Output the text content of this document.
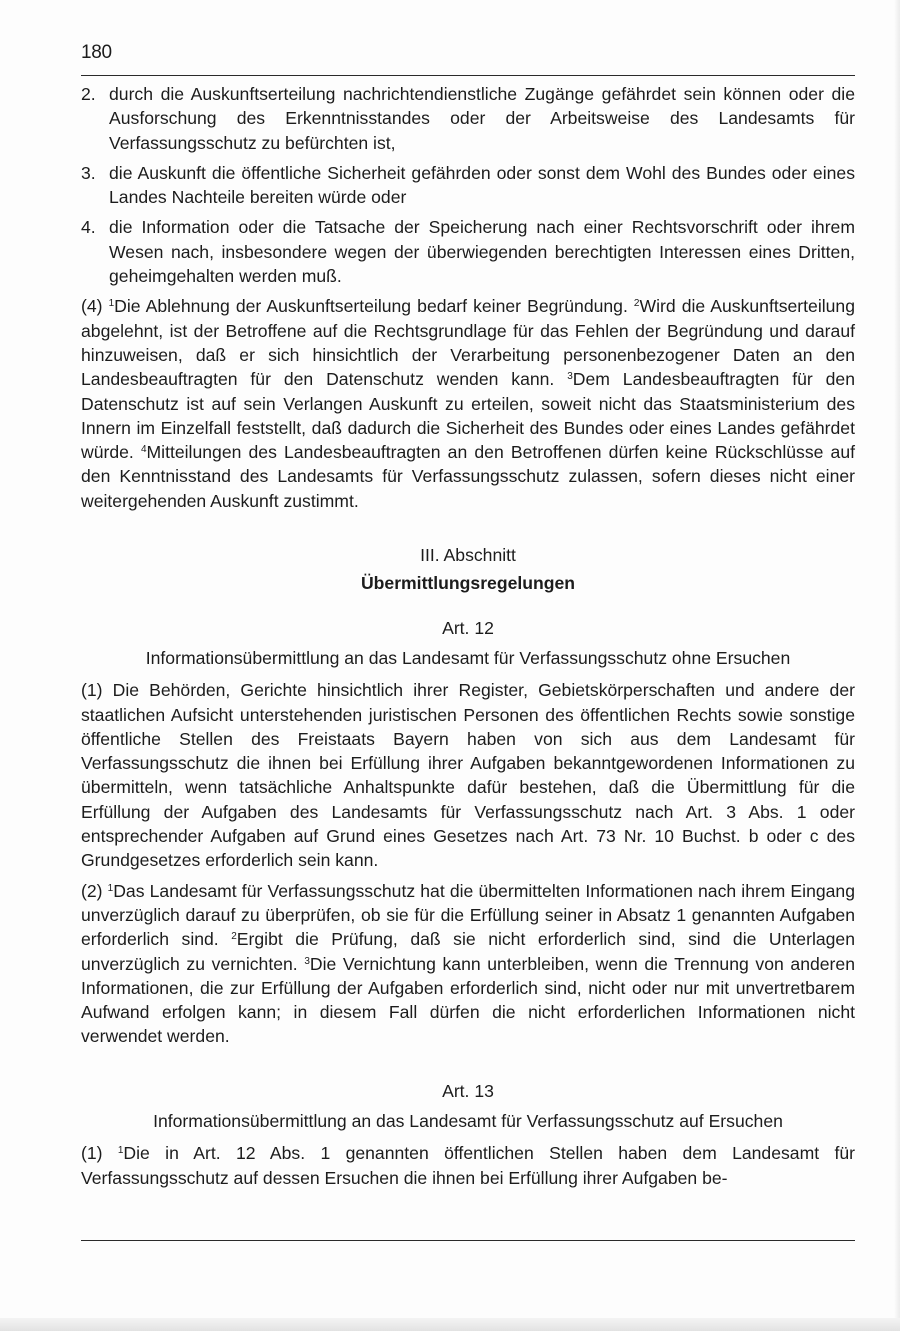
180
2. durch die Auskunftserteilung nachrichtendienstliche Zugänge gefährdet sein können oder die Ausforschung des Erkenntnisstandes oder der Arbeitsweise des Landesamts für Verfassungsschutz zu befürchten ist,
3. die Auskunft die öffentliche Sicherheit gefährden oder sonst dem Wohl des Bundes oder eines Landes Nachteile bereiten würde oder
4. die Information oder die Tatsache der Speicherung nach einer Rechtsvorschrift oder ihrem Wesen nach, insbesondere wegen der überwiegenden berechtigten Interessen eines Dritten, geheimgehalten werden muß.

(4) $^1$Die Ablehnung der Auskunftserteilung bedarf keiner Begründung. $^2$Wird die Auskunftserteilung abgelehnt, ist der Betroffene auf die Rechtsgrundlage für das Fehlen der Begründung und darauf hinzuweisen, daß er sich hinsichtlich der Verarbeitung personenbezogener Daten an den Landesbeauftragten für den Datenschutz wenden kann. $^3$Dem Landesbeauftragten für den Datenschutz ist auf sein Verlangen Auskunft zu erteilen, soweit nicht das Staatsministerium des Innern im Einzelfall feststellt, daß dadurch die Sicherheit des Bundes oder eines Landes gefährdet würde. $^4$Mitteilungen des Landesbeauftragten an den Betroffenen dürfen keine Rückschlüsse auf den Kenntnisstand des Landesamts für Verfassungsschutz zulassen, sofern dieses nicht einer weitergehenden Auskunft zustimmt.

III. Abschnitt
Übermittlungsregelungen
Art. 12
Informationsübermittlung an das Landesamt für Verfassungsschutz ohne Ersuchen

(1) Die Behörden, Gerichte hinsichtlich ihrer Register, Gebietskörperschaften und andere der staatlichen Aufsicht unterstehenden juristischen Personen des öffentlichen Rechts sowie sonstige öffentliche Stellen des Freistaats Bayern haben von sich aus dem Landesamt für Verfassungsschutz die ihnen bei Erfüllung ihrer Aufgaben bekanntgewordenen Informationen zu übermitteln, wenn tatsächliche Anhaltspunkte dafür bestehen, daß die Übermittlung für die Erfüllung der Aufgaben des Landesamts für Verfassungsschutz nach Art. 3 Abs. 1 oder entsprechender Aufgaben auf Grund eines Gesetzes nach Art. 73 Nr. 10 Buchst. b oder c des Grundgesetzes erforderlich sein kann.

(2) $^1$Das Landesamt für Verfassungsschutz hat die übermittelten Informationen nach ihrem Eingang unverzüglich darauf zu überprüfen, ob sie für die Erfüllung seiner in Absatz 1 genannten Aufgaben erforderlich sind. $^2$Ergibt die Prüfung, daß sie nicht erforderlich sind, sind die Unterlagen unverzüglich zu vernichten. $^3$Die Vernichtung kann unterbleiben, wenn die Trennung von anderen Informationen, die zur Erfüllung der Aufgaben erforderlich sind, nicht oder nur mit unvertretbarem Aufwand erfolgen kann; in diesem Fall dürfen die nicht erforderlichen Informationen nicht verwendet werden.

Art. 13
Informationsübermittlung an das Landesamt für Verfassungsschutz auf Ersuchen

(1) $^1$Die in Art. 12 Abs. 1 genannten öffentlichen Stellen haben dem Landesamt für Verfassungsschutz auf dessen Ersuchen die ihnen bei Erfüllung ihrer Aufgaben be-
